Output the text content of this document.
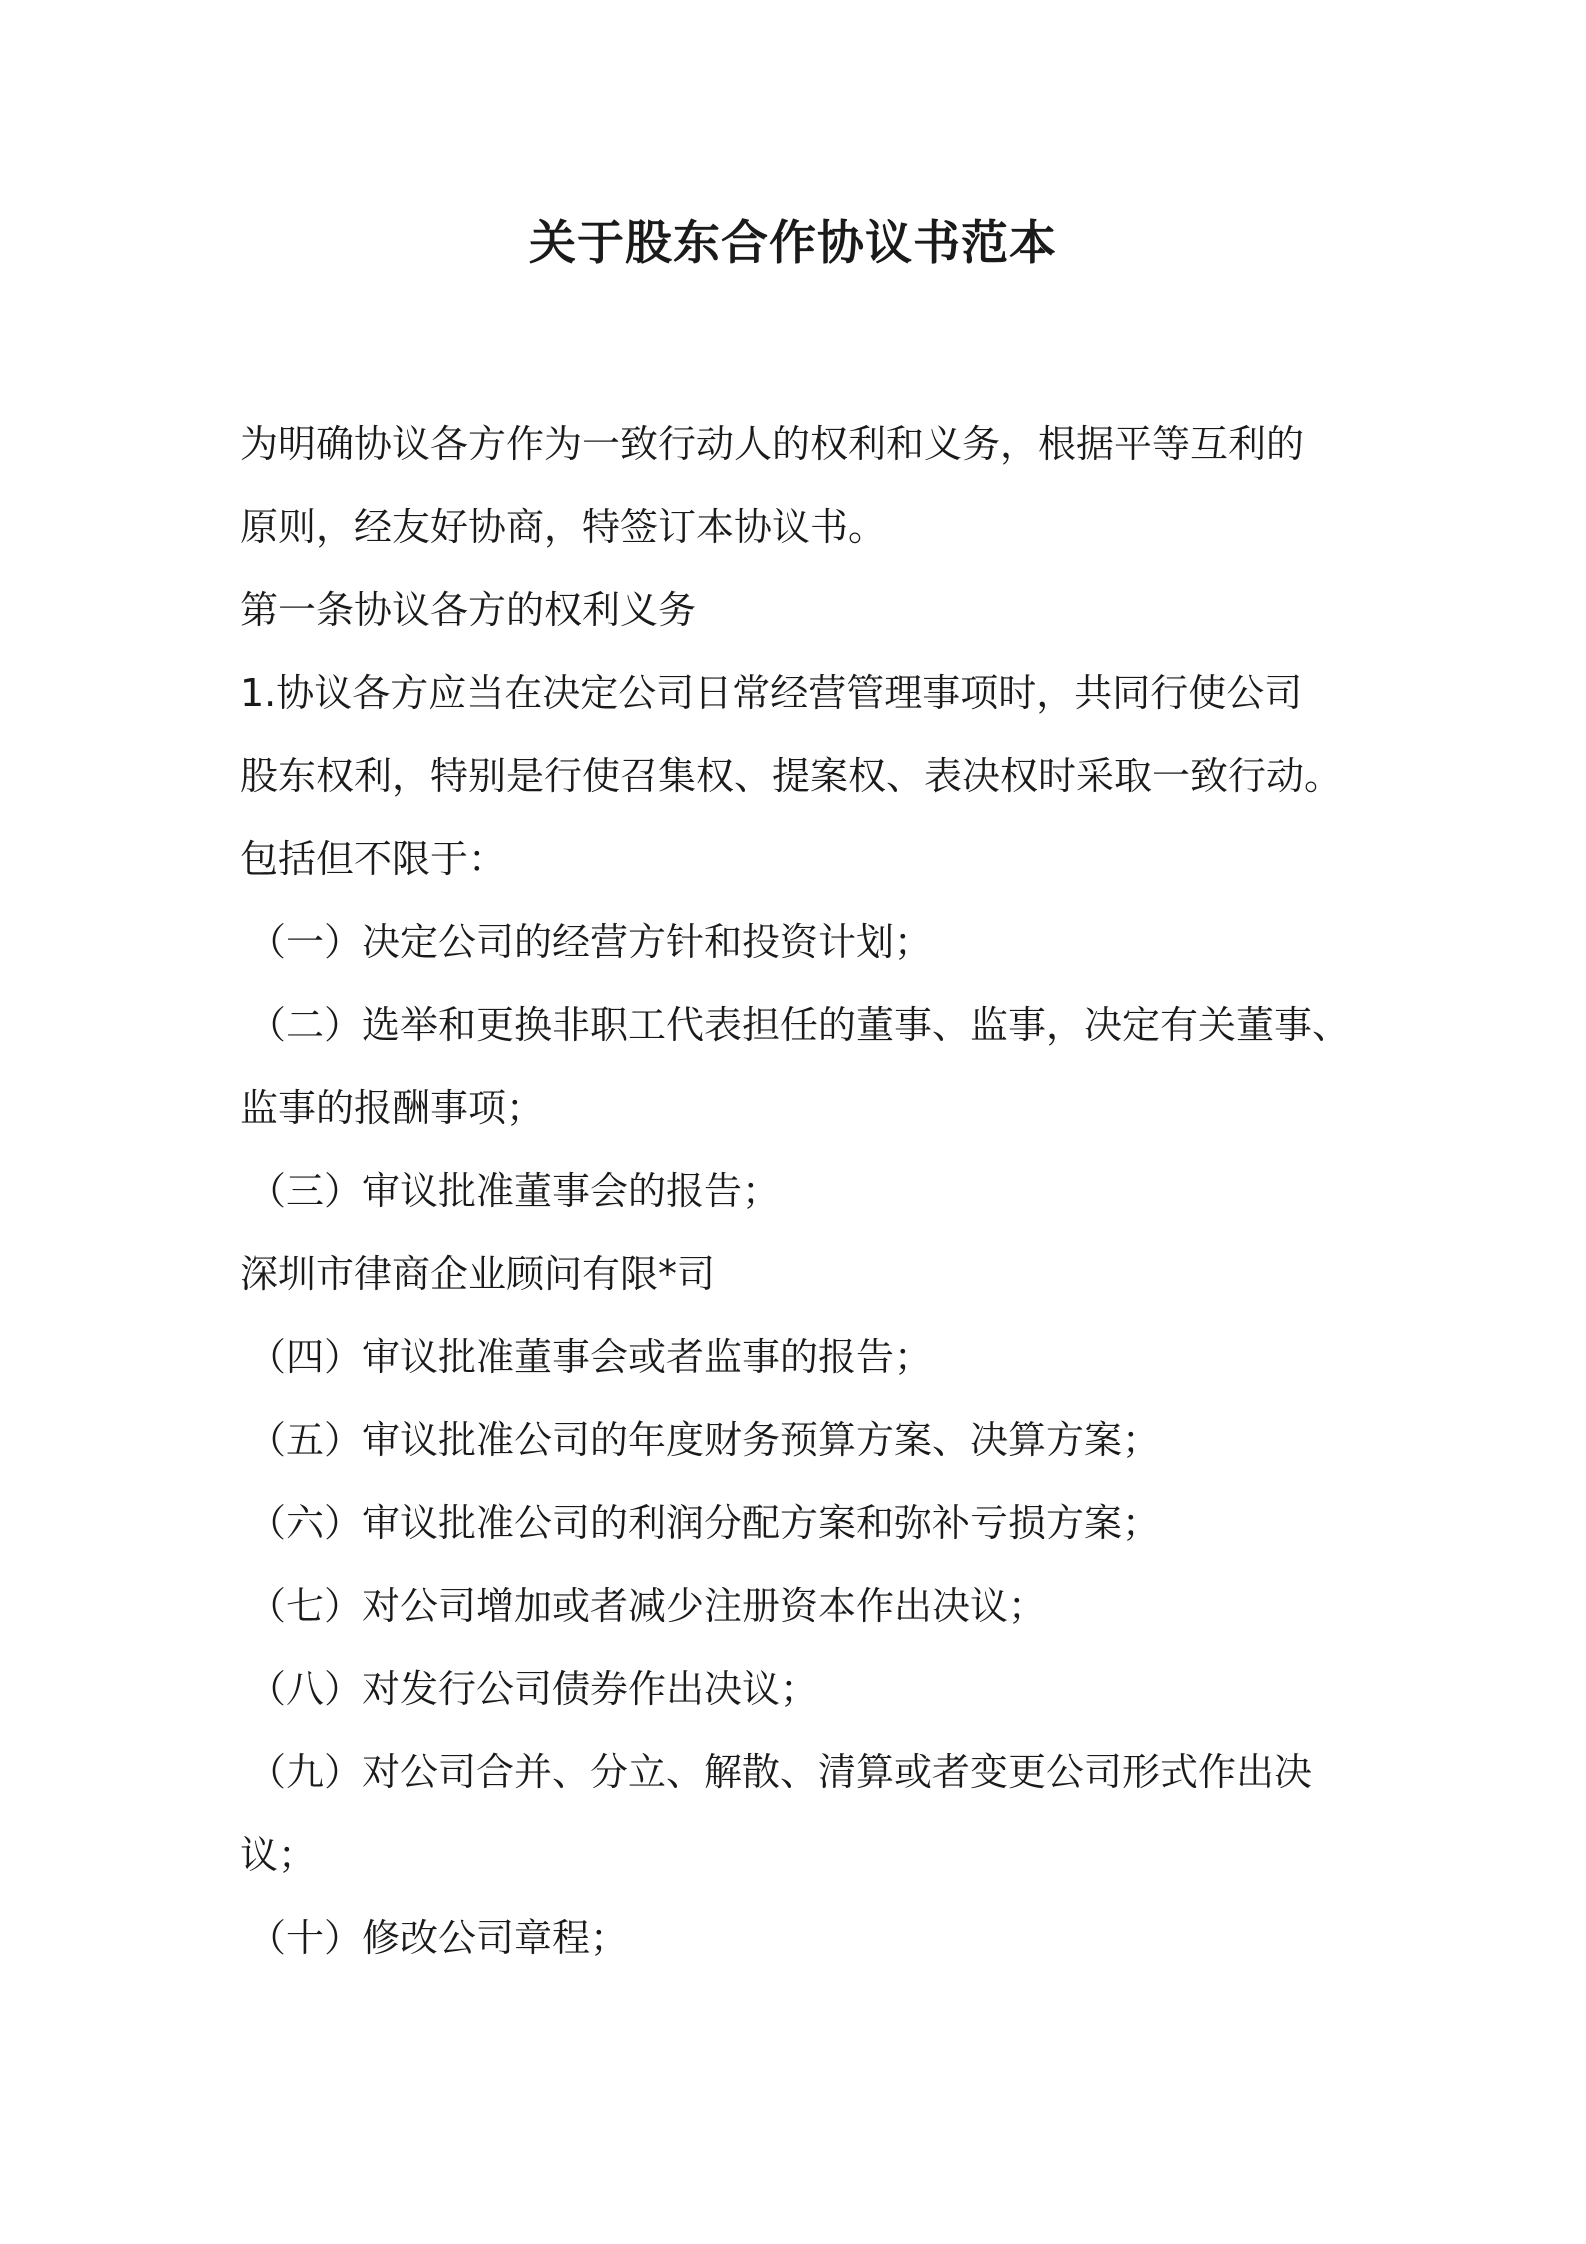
关于股东合作协议书范本

为明确协议各方作为一致行动人的权利和义务，根据平等互利的

原则，经友好协商，特签订本协议书。

第一条协议各方的权利义务

1.协议各方应当在决定公司日常经营管理事项时，共同行使公司

股东权利，特别是行使召集权、提案权、表决权时采取一致行动。

包括但不限于：

（一）决定公司的经营方针和投资计划；

（二）选举和更换非职工代表担任的董事、监事，决定有关董事、

监事的报酬事项；

（三）审议批准董事会的报告；

深圳市律商企业顾问有限*司

（四）审议批准董事会或者监事的报告；

（五）审议批准公司的年度财务预算方案、决算方案；

（六）审议批准公司的利润分配方案和弥补亏损方案；

（七）对公司增加或者减少注册资本作出决议；

（八）对发行公司债券作出决议；

（九）对公司合并、分立、解散、清算或者变更公司形式作出决

议；

（十）修改公司章程；
